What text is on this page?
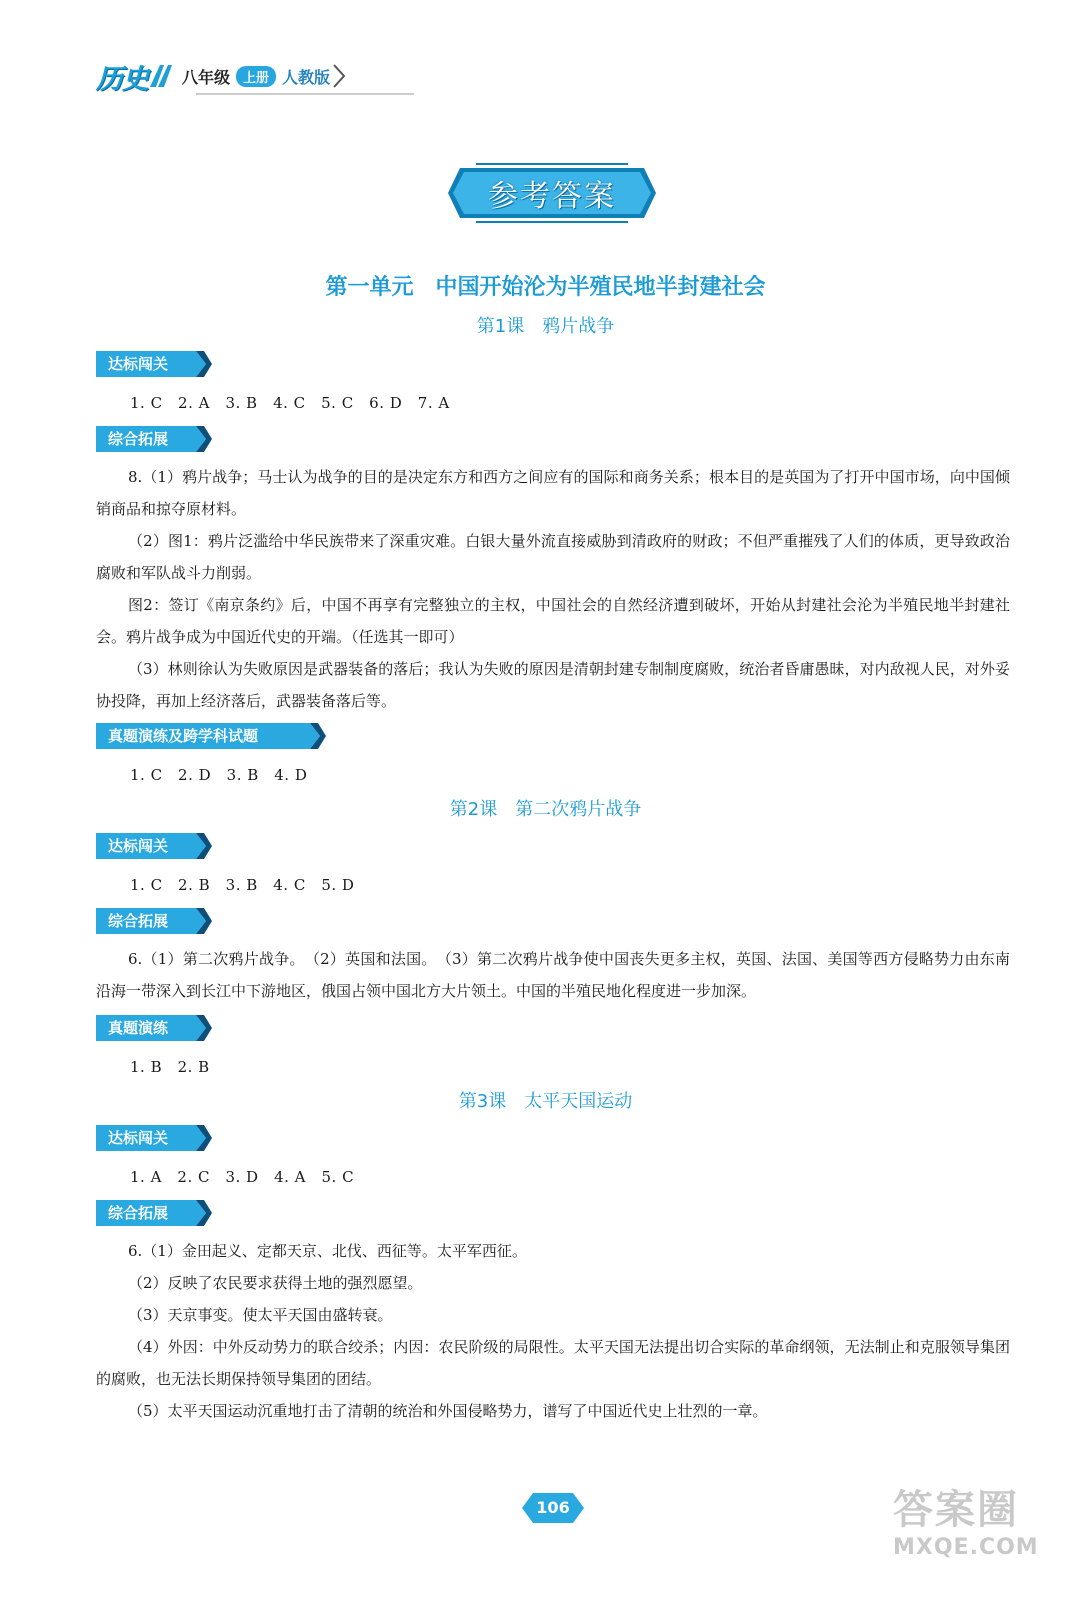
历史 八年级	上册 人教版
参考答案
第一单元　中国开始沦为半殖民地半封建社会
第1课　鸦片战争
达标闯关
1. C　2. A　3. B　4. C　5. C　6. D　7. A
综合拓展

8.（1）鸦片战争；马士认为战争的目的是决定东方和西方之间应有的国际和商务关系；根本目的是英国为了打开中国市场，向中国倾销商品和掠夺原材料。

（2）图1：鸦片泛滥给中华民族带来了深重灾难。白银大量外流直接威胁到清政府的财政；不但严重摧残了人们的体质，更导致政治腐败和军队战斗力削弱。

图2：签订《南京条约》后，中国不再享有完整独立的主权，中国社会的自然经济遭到破坏，开始从封建社会沦为半殖民地半封建社会。鸦片战争成为中国近代史的开端。（任选其一即可）

（3）林则徐认为失败原因是武器装备的落后；我认为失败的原因是清朝封建专制制度腐败，统治者昏庸愚昧，对内敌视人民，对外妥协投降，再加上经济落后，武器装备落后等。

真题演练及跨学科试题
1. C　2. D　3. B　4. D
第2课　第二次鸦片战争
达标闯关
1. C　2. B　3. B　4. C　5. D
综合拓展

6.（1）第二次鸦片战争。　（2）英国和法国。　（3）第二次鸦片战争使中国丧失更多主权，英国、法国、美国等西方侵略势力由东南沿海一带深入到长江中下游地区，俄国占领中国北方大片领土。中国的半殖民地化程度进一步加深。

真题演练
1. B　2. B
第3课　太平天国运动
达标闯关
1. A　2. C　3. D　4. A　5. C
综合拓展

6.（1）金田起义、定都天京、北伐、西征等。太平军西征。

（2）反映了农民要求获得土地的强烈愿望。

（3）天京事变。使太平天国由盛转衰。

（4）外因：中外反动势力的联合绞杀；内因：农民阶级的局限性。太平天国无法提出切合实际的革命纲领，无法制止和克服领导集团的腐败，也无法长期保持领导集团的团结。

（5）太平天国运动沉重地打击了清朝的统治和外国侵略势力，谱写了中国近代史上壮烈的一章。

106	答案圈
MXQE.COM
